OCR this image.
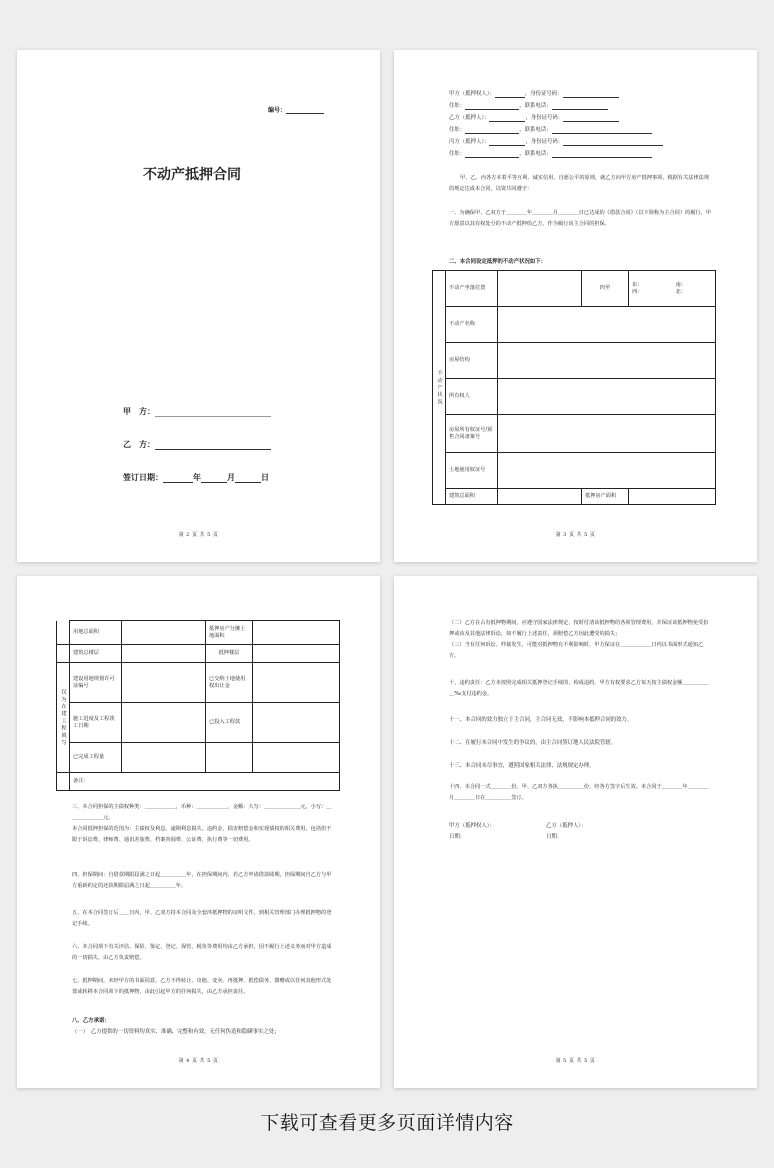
编号：
不动产抵押合同
甲　方：
乙　方：
签订日期：	年	月	日
第 2 页 共 5 页
甲方（抵押权人）：	，身份证号码：
住址：	，联系电话：
乙方（抵押人）：	，身份证号码：
住址：	，联系电话：
丙方（抵押人）：	，身份证号码：
住址：	，联系电话：
甲、乙、丙各方本着平等互利、诚实信用、自愿公平的原则，就乙方向甲方房产抵押事项，根据有关法律法规的规定达成本合同，以资共同遵守：
一、为确保甲、乙双方于＿＿＿＿年＿＿＿＿月＿＿＿＿日已达成的《借款合同》（以下简称为主合同）的履行，甲方愿意以其有权处分的不动产抵押给乙方，作为履行该主合同的担保。
二、本合同设定抵押的不动产状况如下：
不动产状况	不动产坐落位置		四至	东： 南：
西： 北：

	不动产名称			
	房屋结构			
	所有权人			
	房屋所有权证号/预售合同备案号			
	土地使用权证号			
	建筑总面积		抵押房产面积	
第 3 页 共 5 页
	用地总面积		抵押房产分摊土地面积	
	建筑总楼层		抵押楼层	
仅为在建工程填写	建设用地规划许可证编号		已交纳土地使用权出让金	
	施工进度及工程竣工日期		已投入工程款	
	已完成工程量			
	备注：			
三、本合同担保的主债权种类：＿＿＿＿＿＿，币种：＿＿＿＿＿＿，金额：大写：＿＿＿＿＿＿＿元，小写：＿＿＿＿＿＿＿元。
本合同抵押担保的范围为：主债权及利息、逾期利息损失、违约金、损害赔偿金和实现债权的相关费用，包括但不限于诉讼费、律师费、通讯差旅费、档案查阅费、公证费、执行费等一切费用。
四、担保期间：自借款期限届满之日起＿＿＿＿＿年，在担保期间内，若乙方申请借款续期，担保期间自乙方与甲方重新约定的还款期限届满之日起＿＿＿＿＿年。
五、在本合同签订后＿＿日内，甲、乙双方持本合同及全套涉抵押物的证明文件，到相关管理部门办理抵押物的登记手续。
六、本合同项下有关评估、保险、鉴定、登记、保管、税负等费用均由乙方承担，因不履行上述义务而对甲方造成的一切损失，由乙方负责赔偿。
七、抵押期间，未经甲方的书面同意，乙方不得转让、出租、变卖、再抵押、抵偿债务、馈赠或以任何其他形式处置或转移本合同项下的抵押物，由此引起甲方的任何损失，由乙方承担责任。
八、乙方承诺：
（一）　乙方提供的一切资料均真实、准确、完整和有效，无任何伪造和隐瞒事实之处；
第 4 页 共 5 页
（二）乙方在占有抵押物期间，应遵守国家法律规定，按时付清该抵押物的各项管理费用，并保证该抵押物免受扣押或该及其他法律诉讼，如不履行上述责任，须赔偿乙方因此遭受的损失；
（三）当有任何诉讼、仲裁发生，可能对抵押物有不利影响时，甲方保证在＿＿＿＿＿＿日内以书面形式通知乙方。
十、违约责任：乙方未按照完成相关抵押登记手续的，构成违约，甲方有权要求乙方每天按主债权金额＿＿＿＿＿＿‰支付违约金。
十一、本合同的效力独立于主合同，主合同无效，不影响本抵押合同的效力。
十二、在履行本合同中发生的争议的，由主合同签订地人民法院管辖。
十三、本合同未尽事宜，遵照国家相关法律、法规规定办理。
十四、本合同一式＿＿＿＿份，甲、乙双方各执＿＿＿＿＿份，经各方签字后生效。本合同于＿＿＿＿年＿＿＿＿月＿＿＿＿日在＿＿＿＿＿签订。
甲方（抵押权人）：	乙方（抵押人）：
日期：	日期：
第 5 页 共 5 页
下载可查看更多页面详情内容
